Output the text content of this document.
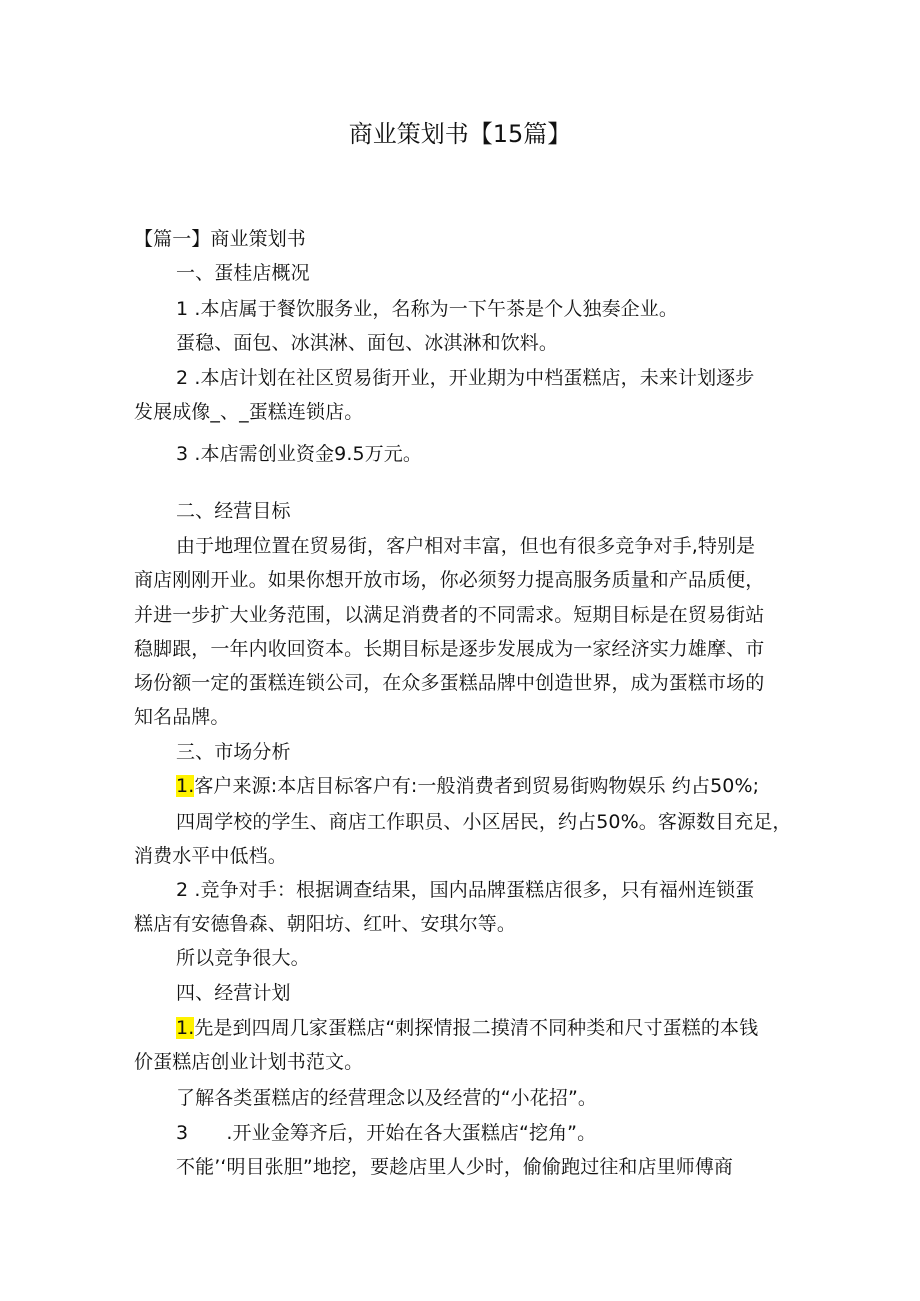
商业策划书【15篇】
【篇一】商业策划书
一、蛋桂店概况
1 .本店属于餐饮服务业，名称为一下午茶是个人独奏企业。
蛋稳、面包、冰淇淋、面包、冰淇淋和饮料。
2 .本店计划在社区贸易街开业，开业期为中档蛋糕店，未来计划逐步
发展成像_、_蛋糕连锁店。
3 .本店需创业资金9.5万元。
二、经营目标
由于地理位置在贸易街，客户相对丰富，但也有很多竞争对手,特别是
商店刚刚开业。如果你想开放市场，你必须努力提高服务质量和产品质便，
并进一步扩大业务范围，以满足消费者的不同需求。短期目标是在贸易街站
稳脚跟，一年内收回资本。长期目标是逐步发展成为一家经济实力雄摩、市
场份额一定的蛋糕连锁公司，在众多蛋糕品牌中创造世界，成为蛋糕市场的
知名品牌。
三、市场分析
1.客户来源:本店目标客户有:一般消费者到贸易街购物娱乐 约占50%;
四周学校的学生、商店工作职员、小区居民，约占50%。客源数目充足，
消费水平中低档。
2 .竞争对手：根据调查结果，国内品牌蛋糕店很多，只有福州连锁蛋
糕店有安德鲁森、朝阳坊、红叶、安琪尔等。
所以竞争很大。
四、经营计划
1.先是到四周几家蛋糕店“刺探情报二摸清不同种类和尺寸蛋糕的本钱
价蛋糕店创业计划书范文。
了解各类蛋糕店的经营理念以及经营的“小花招”。
3　　.开业金筹齐后，开始在各大蛋糕店“挖角”。
不能’‘明目张胆”地挖，要趁店里人少时，偷偷跑过往和店里师傅商
